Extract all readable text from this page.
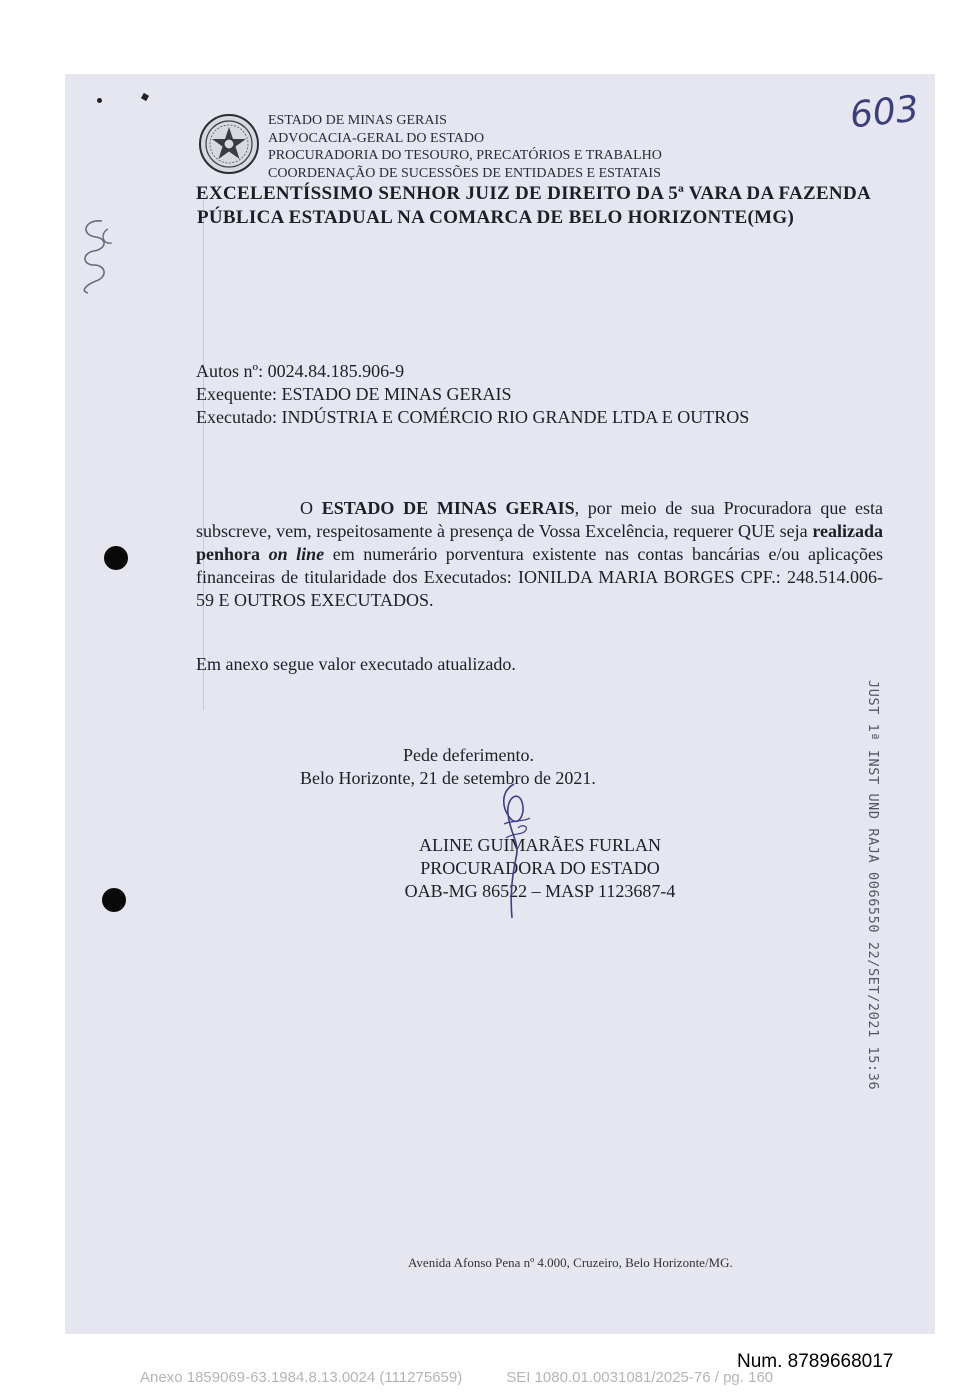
ESTADO DE MINAS GERAIS
ADVOCACIA-GERAL DO ESTADO
PROCURADORIA DO TESOURO, PRECATÓRIOS E TRABALHO
COORDENAÇÃO DE SUCESSÕES DE ENTIDADES E ESTATAIS
603
EXCELENTÍSSIMO SENHOR JUIZ DE DIREITO DA 5ª VARA DA FAZENDA
PÚBLICA ESTADUAL NA COMARCA DE BELO HORIZONTE(MG)
Autos nº: 0024.84.185.906-9
Exequente: ESTADO DE MINAS GERAIS
Executado: INDÚSTRIA E COMÉRCIO RIO GRANDE LTDA E OUTROS
O ESTADO DE MINAS GERAIS, por meio de sua Procuradora que esta subscreve, vem, respeitosamente à presença de Vossa Excelência, requerer QUE seja realizada penhora on line em numerário porventura existente nas contas bancárias e/ou aplicações financeiras de titularidade dos Executados: IONILDA MARIA BORGES CPF.: 248.514.006-59 E OUTROS EXECUTADOS.
Em anexo segue valor executado atualizado.
Pede deferimento.
Belo Horizonte, 21 de setembro de 2021.
ALINE GUIMARÃES FURLAN
PROCURADORA DO ESTADO
OAB-MG 86522 – MASP 1123687-4	JUST 1ª INST UND RAJA 0066550 22/SET/2021 15:36
Avenida Afonso Pena nº 4.000, Cruzeiro, Belo Horizonte/MG.
Num. 8789668017
Anexo 1859069-63.1984.8.13.0024 (111275659)	SEI 1080.01.0031081/2025-76 / pg. 160
